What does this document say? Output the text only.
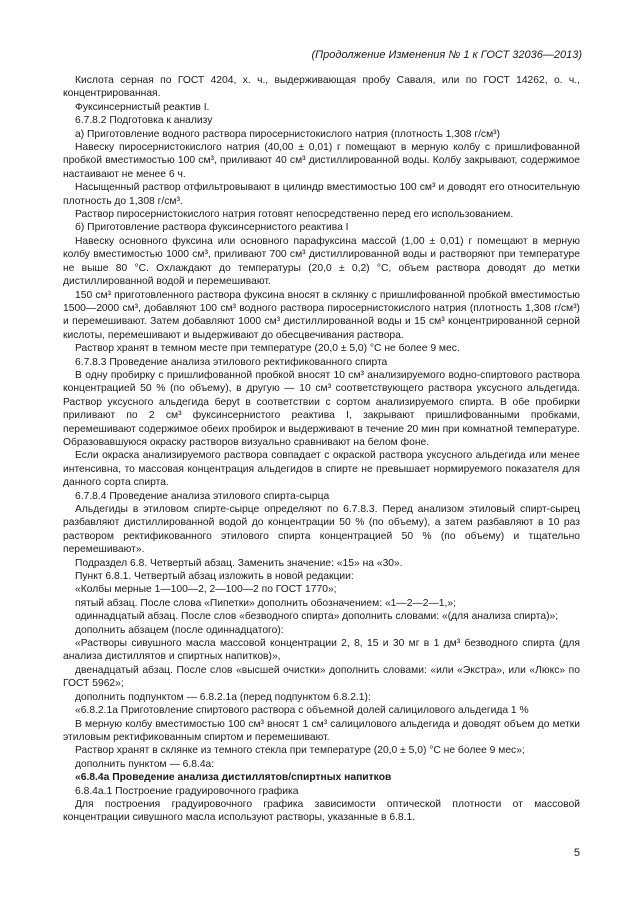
(Продолжение Изменения № 1 к ГОСТ 32036—2013)

Кислота серная по ГОСТ 4204, х. ч., выдерживающая пробу Саваля, или по ГОСТ 14262, о. ч., концентрированная.

Фуксинсернистый реактив I.

6.7.8.2 Подготовка к анализу

а) Приготовление водного раствора пиросернистокислого натрия (плотность 1,308 г/см³)

Навеску пиросернистокислого натрия (40,00 ± 0,01) г помещают в мерную колбу с пришлифованной пробкой вместимостью 100 см³, приливают 40 см³ дистиллированной воды. Колбу закрывают, содержимое настаивают не менее 6 ч.

Насыщенный раствор отфильтровывают в цилиндр вместимостью 100 см³ и доводят его относительную плотность до 1,308 г/см³.

Раствор пиросернистокислого натрия готовят непосредственно перед его использованием.

б) Приготовление раствора фуксинсернистого реактива I

Навеску основного фуксина или основного парафуксина массой (1,00 ± 0,01) г помещают в мерную колбу вместимостью 1000 см³, приливают 700 см³ дистиллированной воды и растворяют при температуре не выше 80 °С. Охлаждают до температуры (20,0 ± 0,2) °С, объем раствора доводят до метки дистиллированной водой и перемешивают.

150 см³ приготовленного раствора фуксина вносят в склянку с пришлифованной пробкой вместимостью 1500—2000 см³, добавляют 100 см³ водного раствора пиросернистокислого натрия (плотность 1,308 г/см³) и перемешивают. Затем добавляют 1000 см³ дистиллированной воды и 15 см³ концентрированной серной кислоты, перемешивают и выдерживают до обесцвечивания раствора.

Раствор хранят в темном месте при температуре (20,0 ± 5,0) °С не более 9 мес.

6.7.8.3 Проведение анализа этилового ректификованного спирта

В одну пробирку с пришлифованной пробкой вносят 10 см³ анализируемого водно-спиртового раствора концентрацией 50 % (по объему), в другую — 10 см³ соответствующего раствора уксусного альдегида. Раствор уксусного альдегида беруt в соответствии с сортом анализируемого спирта. В обе пробирки приливают по 2 см³ фуксинсернистого реактива I, закрывают пришлифованными пробками, перемешивают содержимое обеих пробирок и выдерживают в течение 20 мин при комнатной температуре. Образовавшуюся окраску растворов визуально сравнивают на белом фоне.

Если окраска анализируемого раствора совпадает с окраской раствора уксусного альдегида или менее интенсивна, то массовая концентрация альдегидов в спирте не превышает нормируемого показателя для данного сорта спирта.

6.7.8.4 Проведение анализа этилового спирта-сырца

Альдегиды в этиловом спирте-сырце определяют по 6.7.8.3. Перед анализом этиловый спирт-сырец разбавляют дистиллированной водой до концентрации 50 % (по объему), а затем разбавляют в 10 раз раствором ректификованного этилового спирта концентрацией 50 % (по объему) и тщательно перемешивают».

Подраздел 6.8. Четвертый абзац. Заменить значение: «15» на «30».

Пункт 6.8.1. Четвертый абзац изложить в новой редакции:

«Колбы мерные 1—100—2, 2—100—2 по ГОСТ 1770»;

пятый абзац. После слова «Пипетки» дополнить обозначением: «1—2—2—1,»;

одиннадцатый абзац. После слов «безводного спирта» дополнить словами: «(для анализа спирта)»;

дополнить абзацем (после одиннадцатого):

«Растворы сивушного масла массовой концентрации 2, 8, 15 и 30 мг в 1 дм³ безводного спирта (для анализа дистиллятов и спиртных напитков)»,

двенадцатый абзац. После слов «высшей очистки» дополнить словами: «или «Экстра», или «Люкс» по ГОСТ 5962»;

дополнить подпунктом — 6.8.2.1а (перед подпунктом 6.8.2.1):

«6.8.2.1а Приготовление спиртового раствора с объемной долей салицилового альдегида 1 %

В мерную колбу вместимостью 100 см³ вносят 1 см³ салицилового альдегида и доводят объем до метки этиловым ректификованным спиртом и перемешивают.

Раствор хранят в склянке из темного стекла при температуре (20,0 ± 5,0) °С не более 9 мес»;

дополнить пунктом — 6.8.4а:

«6.8.4а Проведение анализа дистиллятов/спиртных напитков

6.8.4а.1 Построение градуировочного графика

Для построения градуировочного графика зависимости оптической плотности от массовой концентрации сивушного масла используют растворы, указанные в 6.8.1.

5
